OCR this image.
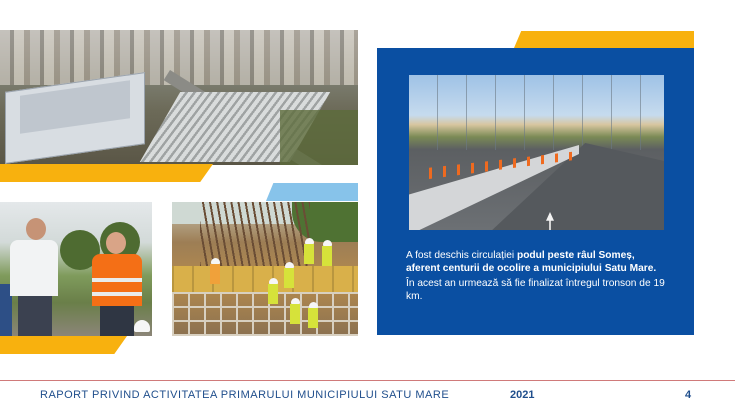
A fost deschis circulației podul peste râul Someș, aferent centurii de ocolire a municipiului Satu Mare.

În acest an urmează să fie finalizat întregul tronson de 19 km.

RAPORT PRIVIND ACTIVITATEA PRIMARULUI MUNICIPIULUI SATU MARE	2021	4
